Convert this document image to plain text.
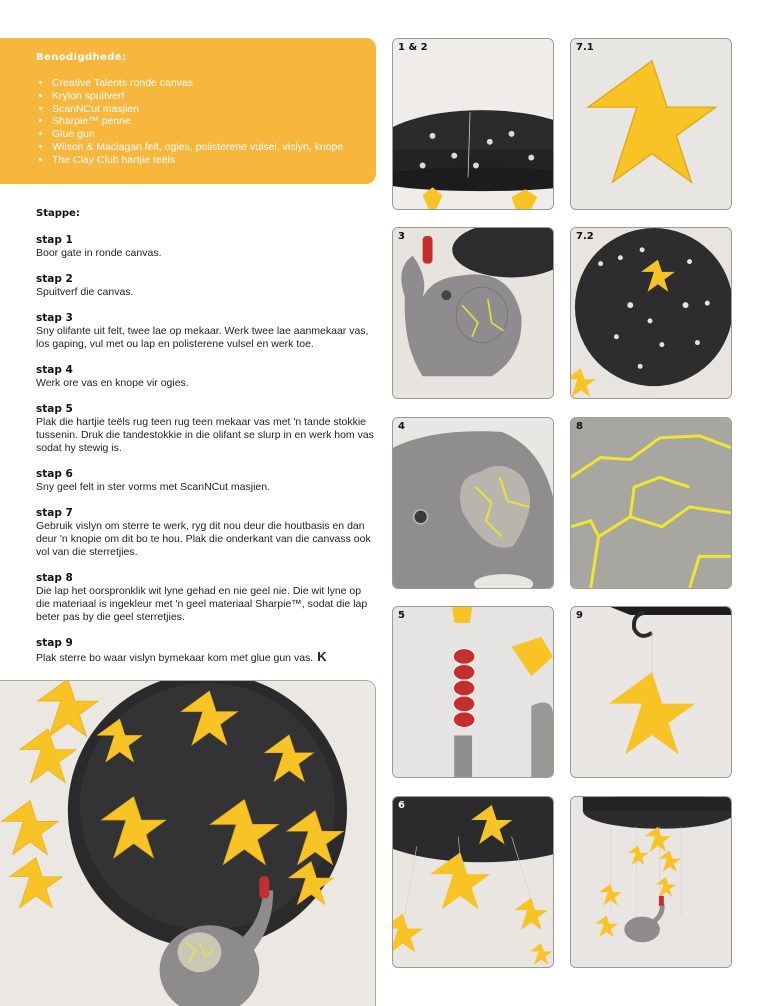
Benodigdhede:
• Creative Talents ronde canvas
• Krylon spuitverf
• ScanNCut masjien
• Sharpie™ penne
• Glue gun
• Wilson & Maclagan felt, ogies, polisterene vulsel, vislyn, knope
• The Clay Club hartjie teëls
Stappe:
stap 1
Boor gate in ronde canvas.
stap 2
Spuitverf die canvas.
stap 3
Sny olifante uit felt, twee lae op mekaar. Werk twee lae aanmekaar vas, los gaping, vul met ou lap en polisterene vulsel en werk toe.
stap 4
Werk ore vas en knope vir ogies.
stap 5
Plak die hartjie teëls rug teen rug teen mekaar vas met 'n tande stokkie tussenin. Druk die tandestokkie in die olifant se slurp in en werk hom vas sodat hy stewig is.
stap 6
Sny geel felt in ster vorms met ScanNCut masjien.
stap 7
Gebruik vislyn om sterre te werk, ryg dit nou deur die houtbasis en dan deur 'n knopie om dit bo te hou. Plak die onderkant van die canvass ook vol van die sterretjies.
stap 8
Die lap het oorspronklik wit lyne gehad en nie geel nie. Die wit lyne op die materiaal is ingekleur met 'n geel materiaal Sharpie™, sodat die lap beter pas by die geel sterretjies.
stap 9
Plak sterre bo waar vislyn bymekaar kom met glue gun vas. K
1 & 2	7.1
3	7.2
4	8
5	9
6
